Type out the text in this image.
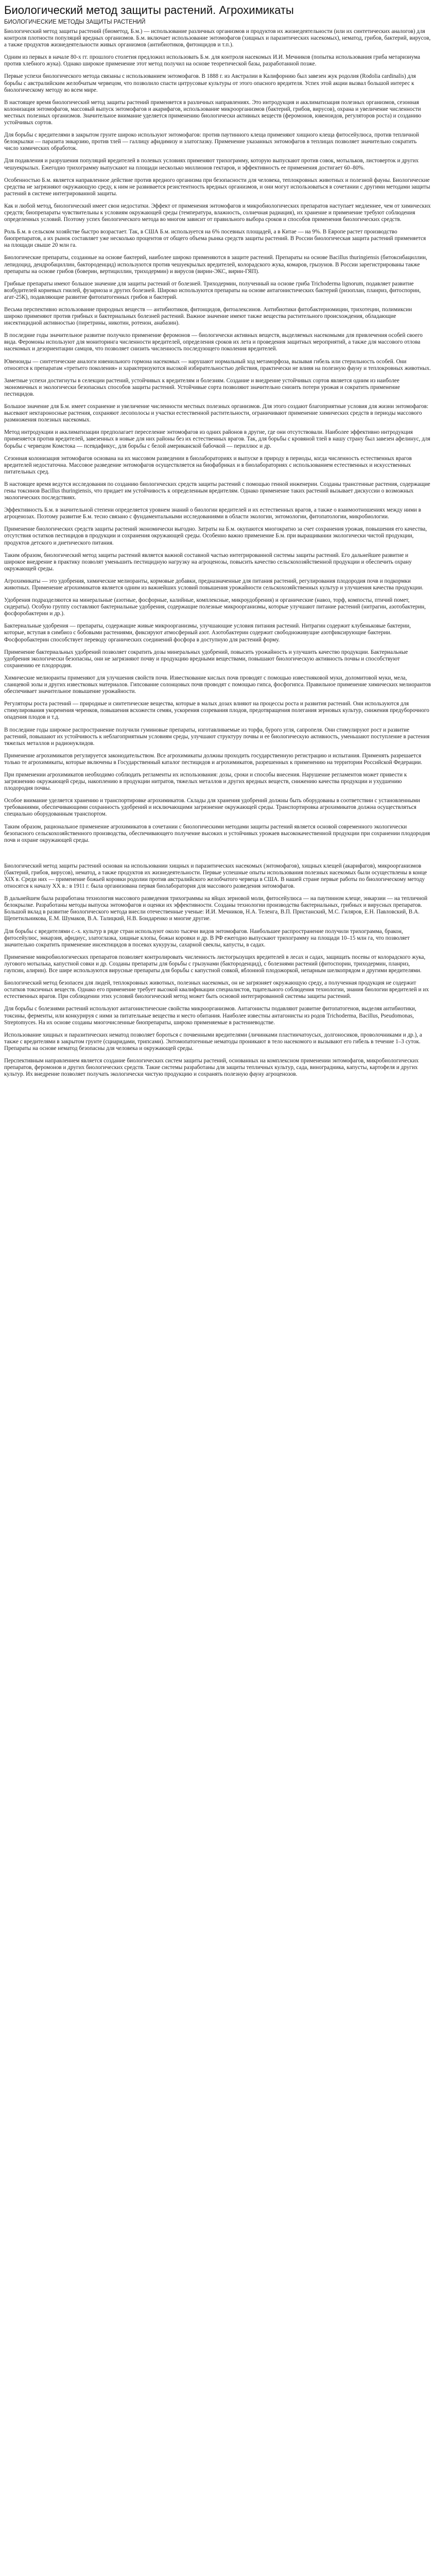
Биологический метод защиты растений. Агрохимикаты
БИОЛОГИЧЕСКИЕ МЕТОДЫ ЗАЩИТЫ РАСТЕНИЙ

Биологический метод защиты растений (биометод, Б.м.) — использование различных организмов и продуктов их жизнедеятельности (или их синтетических аналогов) для контроля плотности популяций вредных организмов. Б.м. включает использование энтомофагов (хищных и паразитических насекомых), нематод, грибов, бактерий, вирусов, а также продуктов жизнедеятельности живых организмов (антибиотиков, фитонцидов и т.п.).

Одним из первых в начале 80-х гг. прошлого столетия предложил использовать Б.м. для контроля насекомых И.И. Мечников (попытка использования гриба метаризиума против хлебного жука). Однако широкое применение этот метод получил на основе теоретической базы, разработанной позже.

Первые успехи биологического метода связаны с использованием энтомофагов. В 1888 г. из Австралии в Калифорнию был завезен жук родолия (Rodolia cardinalis) для борьбы с австралийским желобчатым червецом, что позволило спасти цитрусовые культуры от этого опасного вредителя. Успех этой акции вызвал большой интерес к биологическому методу во всем мире.

В настоящее время биологический метод защиты растений применяется в различных направлениях. Это интродукция и акклиматизация полезных организмов, сезонная колонизация энтомофагов, массовый выпуск энтомофагов и акарифагов, использование микроорганизмов (бактерий, грибов, вирусов), охрана и увеличение численности местных полезных организмов. Значительное внимание уделяется применению биологически активных веществ (феромонов, ювеноидов, регуляторов роста) и созданию устойчивых сортов.

Для борьбы с вредителями в закрытом грунте широко используют энтомофагов: против паутинного клеща применяют хищного клеща фитосейулюса, против тепличной белокрылки — паразита энкарзию, против тлей — галлицу афидимизу и златоглазку. Применение указанных энтомофагов в теплицах позволяет значительно сократить число химических обработок.

Для подавления и разрушения популяций вредителей в полевых условиях применяют трихограмму, которую выпускают против совок, мотыльков, листоверток и других чешуекрылых. Ежегодно трихограмму выпускают на площади несколько миллионов гектаров, и эффективность ее применения достигает 60–80%.

Особенностью Б.м. является направленное действие против вредного организма при безопасности для человека, теплокровных животных и полезной фауны. Биологические средства не загрязняют окружающую среду, к ним не развивается резистентность вредных организмов, и они могут использоваться в сочетании с другими методами защиты растений в системе интегрированной защиты.

Как и любой метод, биологический имеет свои недостатки. Эффект от применения энтомофагов и микробиологических препаратов наступает медленнее, чем от химических средств; биопрепараты чувствительны к условиям окружающей среды (температура, влажность, солнечная радиация), их хранение и применение требуют соблюдения определенных условий. Поэтому успех биологического метода во многом зависит от правильного выбора сроков и способов применения биологических средств.

Роль Б.м. в сельском хозяйстве быстро возрастает. Так, в США Б.м. используется на 6% посевных площадей, а в Китае — на 9%. В Европе растет производство биопрепаратов, а их рынок составляет уже несколько процентов от общего объема рынка средств защиты растений. В России биологическая защита растений применяется на площади свыше 20 млн га.

Биологические препараты, созданные на основе бактерий, наиболее широко применяются в защите растений. Препараты на основе Bacillus thuringiensis (битоксибациллин, лепидоцид, дендробациллин, бактороденцид) используются против чешуекрылых вредителей, колорадского жука, комаров, грызунов. В России зарегистрированы также препараты на основе грибов (боверин, вертициллин, триходермин) и вирусов (вирин-ЭКС, вирин-ГЯП).

Грибные препараты имеют большое значение для защиты растений от болезней. Триходермин, полученный на основе гриба Trichoderma lignorum, подавляет развитие возбудителей корневых гнилей, фузариоза и других болезней. Широко используются препараты на основе антагонистических бактерий (ризоплан, планриз, фитоспорин, агат-25К), подавляющие развитие фитопатогенных грибов и бактерий.

Весьма перспективно использование природных веществ — антибиотиков, фитонцидов, фитоалексинов. Антибиотики фитобактериомицин, трихотецин, полимиксин широко применяют против грибных и бактериальных болезней растений. Важное значение имеют также вещества растительного происхождения, обладающие инсектицидной активностью (пиретрины, никотин, ротенон, анабазин).

В последние годы значительное развитие получило применение феромонов — биологически активных веществ, выделяемых насекомыми для привлечения особей своего вида. Феромоны используют для мониторинга численности вредителей, определения сроков их лета и проведения защитных мероприятий, а также для массового отлова насекомых и дезориентации самцов, что позволяет снизить численность последующего поколения вредителей.

Ювеноиды — синтетические аналоги ювенильного гормона насекомых — нарушают нормальный ход метаморфоза, вызывая гибель или стерильность особей. Они относятся к препаратам «третьего поколения» и характеризуются высокой избирательностью действия, практически не влияя на полезную фауну и теплокровных животных.

Заметные успехи достигнуты в селекции растений, устойчивых к вредителям и болезням. Создание и внедрение устойчивых сортов является одним из наиболее экономичных и экологически безопасных способов защиты растений. Устойчивые сорта позволяют значительно снизить потери урожая и сократить применение пестицидов.

Большое значение для Б.м. имеет сохранение и увеличение численности местных полезных организмов. Для этого создают благоприятные условия для жизни энтомофагов: высевают нектароносные растения, сохраняют лесополосы и участки естественной растительности, ограничивают применение химических средств в периоды массового размножения полезных насекомых.

Метод интродукции и акклиматизации предполагает переселение энтомофагов из одних районов в другие, где они отсутствовали. Наиболее эффективно интродукция применяется против вредителей, завезенных в новые для них районы без их естественных врагов. Так, для борьбы с кровяной тлей в нашу страну был завезен афелинус, для борьбы с червецом Комстока — псевдафикус, для борьбы с белой американской бабочкой — периллюс и др.

Сезонная колонизация энтомофагов основана на их массовом разведении в биолабораториях и выпуске в природу в периоды, когда численность естественных врагов вредителей недостаточна. Массовое разведение энтомофагов осуществляется на биофабриках и в биолабораториях с использованием естественных и искусственных питательных сред.

В настоящее время ведутся исследования по созданию биологических средств защиты растений с помощью генной инженерии. Созданы трансгенные растения, содержащие гены токсинов Bacillus thuringiensis, что придает им устойчивость к определенным вредителям. Однако применение таких растений вызывает дискуссии о возможных экологических последствиях.

Эффективность Б.м. в значительной степени определяется уровнем знаний о биологии вредителей и их естественных врагов, а также о взаимоотношениях между ними в агроценозах. Поэтому развитие Б.м. тесно связано с фундаментальными исследованиями в области экологии, энтомологии, фитопатологии, микробиологии.

Применение биологических средств защиты растений экономически выгодно. Затраты на Б.м. окупаются многократно за счет сохранения урожая, повышения его качества, отсутствия остатков пестицидов в продукции и сохранения окружающей среды. Особенно важно применение Б.м. при выращивании экологически чистой продукции, продуктов детского и диетического питания.

Таким образом, биологический метод защиты растений является важной составной частью интегрированной системы защиты растений. Его дальнейшее развитие и широкое внедрение в практику позволят уменьшить пестицидную нагрузку на агроценозы, повысить качество сельскохозяйственной продукции и обеспечить охрану окружающей среды.

Агрохимикаты — это удобрения, химические мелиоранты, кормовые добавки, предназначенные для питания растений, регулирования плодородия почв и подкормки животных. Применение агрохимикатов является одним из важнейших условий повышения урожайности сельскохозяйственных культур и улучшения качества продукции.

Удобрения подразделяются на минеральные (азотные, фосфорные, калийные, комплексные, микроудобрения) и органические (навоз, торф, компосты, птичий помет, сидераты). Особую группу составляют бактериальные удобрения, содержащие полезные микроорганизмы, которые улучшают питание растений (нитрагин, азотобактерин, фосфоробактерин и др.).

Бактериальные удобрения — препараты, содержащие живые микроорганизмы, улучшающие условия питания растений. Нитрагин содержит клубеньковые бактерии, которые, вступая в симбиоз с бобовыми растениями, фиксируют атмосферный азот. Азотобактерин содержит свободноживущие азотфиксирующие бактерии. Фосфоробактерин способствует переводу органических соединений фосфора в доступную для растений форму.

Применение бактериальных удобрений позволяет сократить дозы минеральных удобрений, повысить урожайность и улучшить качество продукции. Бактериальные удобрения экологически безопасны, они не загрязняют почву и продукцию вредными веществами, повышают биологическую активность почвы и способствуют сохранению ее плодородия.

Химические мелиоранты применяют для улучшения свойств почв. Известкование кислых почв проводят с помощью известняковой муки, доломитовой муки, мела, сланцевой золы и других известковых материалов. Гипсование солонцовых почв проводят с помощью гипса, фосфогипса. Правильное применение химических мелиорантов обеспечивает значительное повышение урожайности.

Регуляторы роста растений — природные и синтетические вещества, которые в малых дозах влияют на процессы роста и развития растений. Они используются для стимулирования укоренения черенков, повышения всхожести семян, ускорения созревания плодов, предотвращения полегания зерновых культур, снижения предуборочного опадения плодов и т.д.

В последние годы широкое распространение получили гуминовые препараты, изготавливаемые из торфа, бурого угля, сапропеля. Они стимулируют рост и развитие растений, повышают их устойчивость к неблагоприятным условиям среды, улучшают структуру почвы и ее биологическую активность, уменьшают поступление в растения тяжелых металлов и радионуклидов.

Применение агрохимикатов регулируется законодательством. Все агрохимикаты должны проходить государственную регистрацию и испытания. Применять разрешается только те агрохимикаты, которые включены в Государственный каталог пестицидов и агрохимикатов, разрешенных к применению на территории Российской Федерации.

При применении агрохимикатов необходимо соблюдать регламенты их использования: дозы, сроки и способы внесения. Нарушение регламентов может привести к загрязнению окружающей среды, накоплению в продукции нитратов, тяжелых металлов и других вредных веществ, снижению качества продукции и ухудшению плодородия почвы.

Особое внимание уделяется хранению и транспортировке агрохимикатов. Склады для хранения удобрений должны быть оборудованы в соответствии с установленными требованиями, обеспечивающими сохранность удобрений и исключающими загрязнение окружающей среды. Транспортировка агрохимикатов должна осуществляться специально оборудованным транспортом.

Таким образом, рациональное применение агрохимикатов в сочетании с биологическими методами защиты растений является основой современного экологически безопасного сельскохозяйственного производства, обеспечивающего получение высоких и устойчивых урожаев высококачественной продукции при сохранении плодородия почв и охране окружающей среды.

Биологический метод защиты растений основан на использовании хищных и паразитических насекомых (энтомофагов), хищных клещей (акарифагов), микроорганизмов (бактерий, грибов, вирусов), нематод, а также продуктов их жизнедеятельности. Первые успешные опыты использования полезных насекомых были осуществлены в конце XIX в. Среди них — применение божьей коровки родолии против австралийского желобчатого червеца в США. В нашей стране первые работы по биологическому методу относятся к началу XX в.: в 1911 г. была организована первая биолаборатория для массового разведения энтомофагов.

В дальнейшем была разработана технология массового разведения трихограммы на яйцах зерновой моли, фитосейулюса — на паутинном клеще, энкарзии — на тепличной белокрылке. Разработаны методы выпуска энтомофагов и оценки их эффективности. Созданы технологии производства бактериальных, грибных и вирусных препаратов. Большой вклад в развитие биологического метода внесли отечественные ученые: И.И. Мечников, Н.А. Теленга, В.П. Пристанский, М.С. Гиляров, Е.Н. Павловский, В.А. Щепетильникова, Е.М. Шумаков, В.А. Талицкий, Н.В. Бондаренко и многие другие.

Для борьбы с вредителями с.-х. культур в ряде стран используют около тысячи видов энтомофагов. Наибольшее распространение получили трихограмма, бракон, фитосейулюс, энкарзия, афидиус, златоглазка, хищные клопы, божьи коровки и др. В РФ ежегодно выпускают трихограмму на площади 10–15 млн га, что позволяет значительно сократить применение инсектицидов в посевах кукурузы, сахарной свеклы, капусты, в садах.

Применение микробиологических препаратов позволяет контролировать численность листогрызущих вредителей в лесах и садах, защищать посевы от колорадского жука, лугового мотылька, капустной совки и др. Созданы препараты для борьбы с грызунами (бактороденцид), с болезнями растений (фитоспорин, триходермин, планриз, гаупсин, алирин). Все шире используются вирусные препараты для борьбы с капустной совкой, яблонной плодожоркой, непарным шелкопрядом и другими вредителями.

Биологический метод безопасен для людей, теплокровных животных, полезных насекомых, он не загрязняет окружающую среду, а полученная продукция не содержит остатков токсичных веществ. Однако его применение требует высокой квалификации специалистов, тщательного соблюдения технологии, знания биологии вредителей и их естественных врагов. При соблюдении этих условий биологический метод может быть основой интегрированной системы защиты растений.

Для борьбы с болезнями растений используют антагонистические свойства микроорганизмов. Антагонисты подавляют развитие фитопатогенов, выделяя антибиотики, токсины, ферменты, или конкурируя с ними за питательные вещества и место обитания. Наиболее известны антагонисты из родов Trichoderma, Bacillus, Pseudomonas, Streptomyces. На их основе созданы многочисленные биопрепараты, широко применяемые в растениеводстве.

Использование хищных и паразитических нематод позволяет бороться с почвенными вредителями (личинками пластинчатоусых, долгоносиков, проволочниками и др.), а также с вредителями в закрытом грунте (сциаридами, трипсами). Энтомопатогенные нематоды проникают в тело насекомого и вызывают его гибель в течение 1–3 суток. Препараты на основе нематод безопасны для человека и окружающей среды.

Перспективным направлением является создание биологических систем защиты растений, основанных на комплексном применении энтомофагов, микробиологических препаратов, феромонов и других биологических средств. Такие системы разработаны для защиты тепличных культур, сада, виноградника, капусты, картофеля и других культур. Их внедрение позволяет получать экологически чистую продукцию и сохранять полезную фауну агроценозов.
